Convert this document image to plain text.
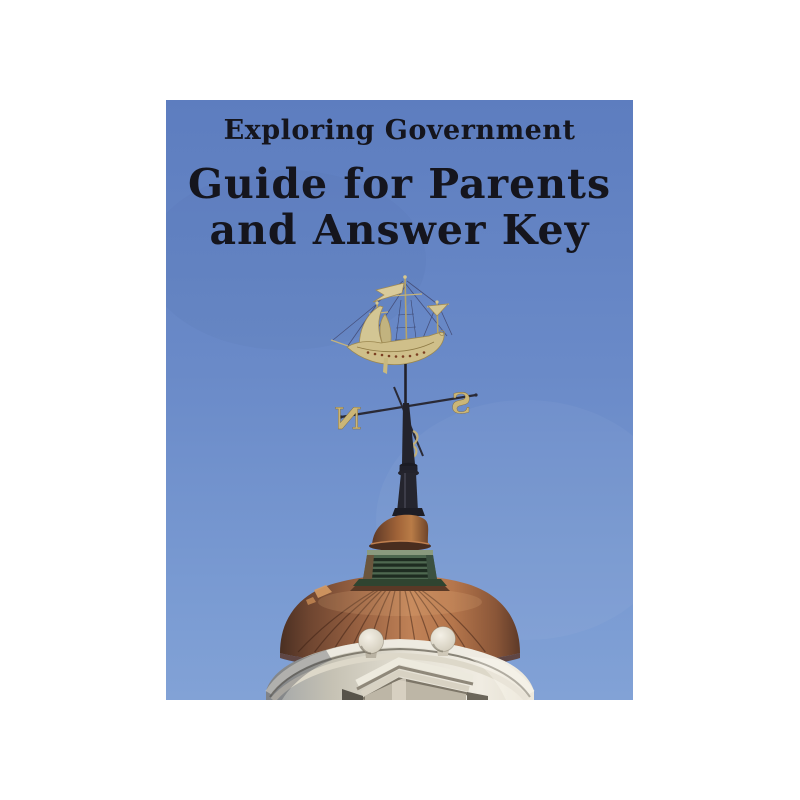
N	S
Exploring Government
Guide for Parents
and Answer Key
